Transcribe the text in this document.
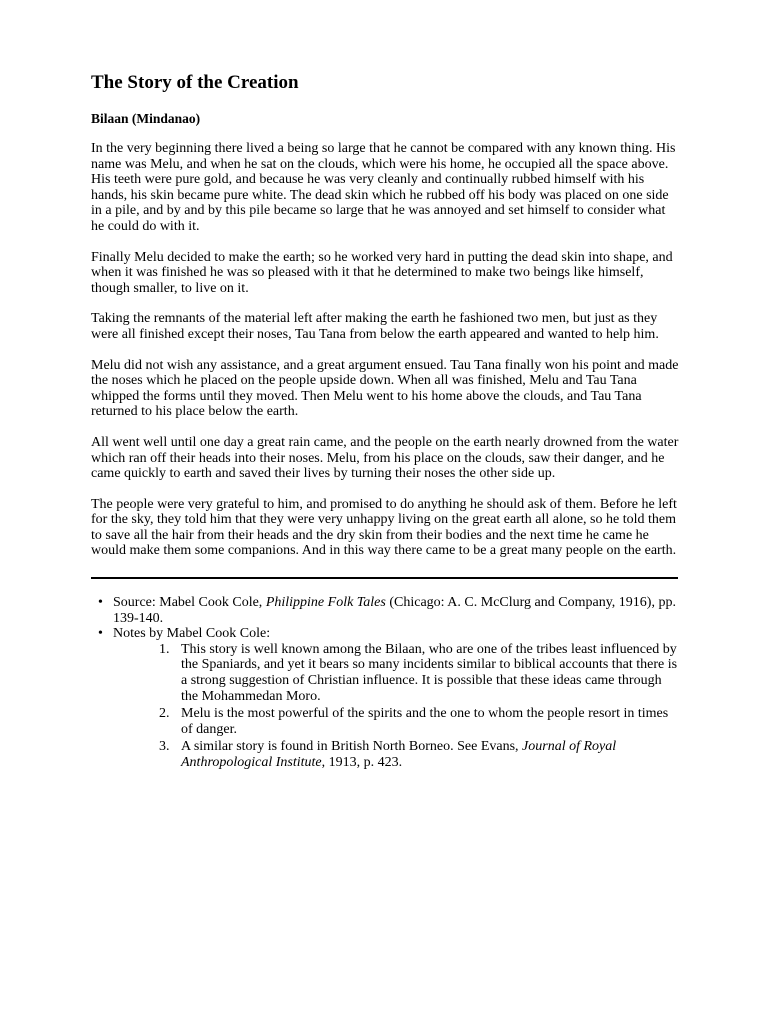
The Story of the Creation
Bilaan (Mindanao)

In the very beginning there lived a being so large that he cannot be compared with any known thing. His name was Melu, and when he sat on the clouds, which were his home, he occupied all the space above. His teeth were pure gold, and because he was very cleanly and continually rubbed himself with his hands, his skin became pure white. The dead skin which he rubbed off his body was placed on one side in a pile, and by and by this pile became so large that he was annoyed and set himself to consider what he could do with it.

Finally Melu decided to make the earth; so he worked very hard in putting the dead skin into shape, and when it was finished he was so pleased with it that he determined to make two beings like himself, though smaller, to live on it.

Taking the remnants of the material left after making the earth he fashioned two men, but just as they were all finished except their noses, Tau Tana from below the earth appeared and wanted to help him.

Melu did not wish any assistance, and a great argument ensued. Tau Tana finally won his point and made the noses which he placed on the people upside down. When all was finished, Melu and Tau Tana whipped the forms until they moved. Then Melu went to his home above the clouds, and Tau Tana returned to his place below the earth.

All went well until one day a great rain came, and the people on the earth nearly drowned from the water which ran off their heads into their noses. Melu, from his place on the clouds, saw their danger, and he came quickly to earth and saved their lives by turning their noses the other side up.

The people were very grateful to him, and promised to do anything he should ask of them. Before he left for the sky, they told him that they were very unhappy living on the great earth all alone, so he told them to save all the hair from their heads and the dry skin from their bodies and the next time he came he would make them some companions. And in this way there came to be a great many people on the earth.

• Source: Mabel Cook Cole, Philippine Folk Tales (Chicago: A. C. McClurg and Company, 1916), pp. 139-140.
• Notes by Mabel Cook Cole:
1. This story is well known among the Bilaan, who are one of the tribes least influenced by the Spaniards, and yet it bears so many incidents similar to biblical accounts that there is a strong suggestion of Christian influence. It is possible that these ideas came through the Mohammedan Moro.
2. Melu is the most powerful of the spirits and the one to whom the people resort in times of danger.
3. A similar story is found in British North Borneo. See Evans, Journal of Royal Anthropological Institute, 1913, p. 423.
